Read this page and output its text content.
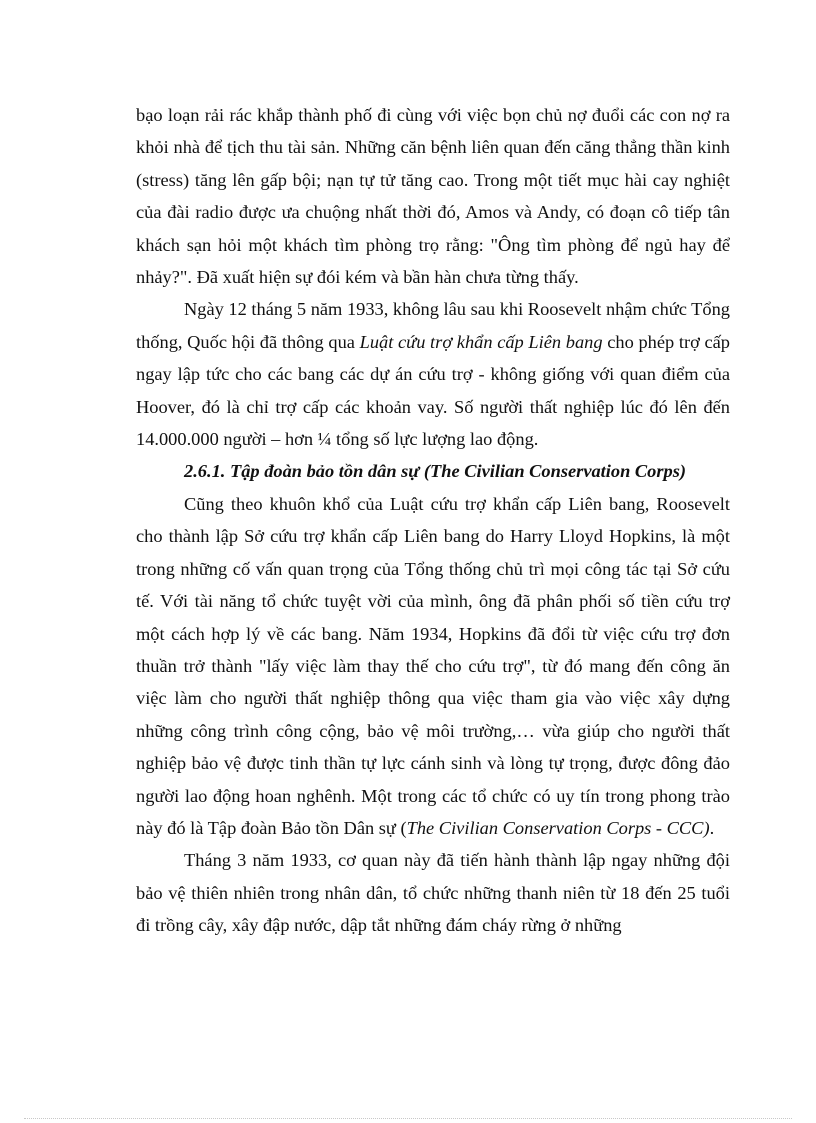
bạo loạn rải rác khắp thành phố đi cùng với việc bọn chủ nợ đuổi các con nợ ra khỏi nhà để tịch thu tài sản. Những căn bệnh liên quan đến căng thẳng thần kinh (stress) tăng lên gấp bội; nạn tự tử tăng cao. Trong một tiết mục hài cay nghiệt của đài radio được ưa chuộng nhất thời đó, Amos và Andy, có đoạn cô tiếp tân khách sạn hỏi một khách tìm phòng trọ rằng: "Ông tìm phòng để ngủ hay để nhảy?". Đã xuất hiện sự đói kém và bần hàn chưa từng thấy.

Ngày 12 tháng 5 năm 1933, không lâu sau khi Roosevelt nhậm chức Tổng thống, Quốc hội đã thông qua Luật cứu trợ khẩn cấp Liên bang cho phép trợ cấp ngay lập tức cho các bang các dự án cứu trợ - không giống với quan điểm của Hoover, đó là chỉ trợ cấp các khoản vay. Số người thất nghiệp lúc đó lên đến 14.000.000 người – hơn ¼ tổng số lực lượng lao động.

2.6.1. Tập đoàn bảo tồn dân sự (The Civilian Conservation Corps)

Cũng theo khuôn khổ của Luật cứu trợ khẩn cấp Liên bang, Roosevelt cho thành lập Sở cứu trợ khẩn cấp Liên bang do Harry Lloyd Hopkins, là một trong những cố vấn quan trọng của Tổng thống chủ trì mọi công tác tại Sở cứu tế. Với tài năng tổ chức tuyệt vời của mình, ông đã phân phối số tiền cứu trợ một cách hợp lý về các bang. Năm 1934, Hopkins đã đổi từ việc cứu trợ đơn thuần trở thành "lấy việc làm thay thế cho cứu trợ", từ đó mang đến công ăn việc làm cho người thất nghiệp thông qua việc tham gia vào việc xây dựng những công trình công cộng, bảo vệ môi trường,… vừa giúp cho người thất nghiệp bảo vệ được tinh thần tự lực cánh sinh và lòng tự trọng, được đông đảo người lao động hoan nghênh. Một trong các tổ chức có uy tín trong phong trào này đó là Tập đoàn Bảo tồn Dân sự (The Civilian Conservation Corps - CCC).

Tháng 3 năm 1933, cơ quan này đã tiến hành thành lập ngay những đội bảo vệ thiên nhiên trong nhân dân, tổ chức những thanh niên từ 18 đến 25 tuổi đi trồng cây, xây đập nước, dập tắt những đám cháy rừng ở những
